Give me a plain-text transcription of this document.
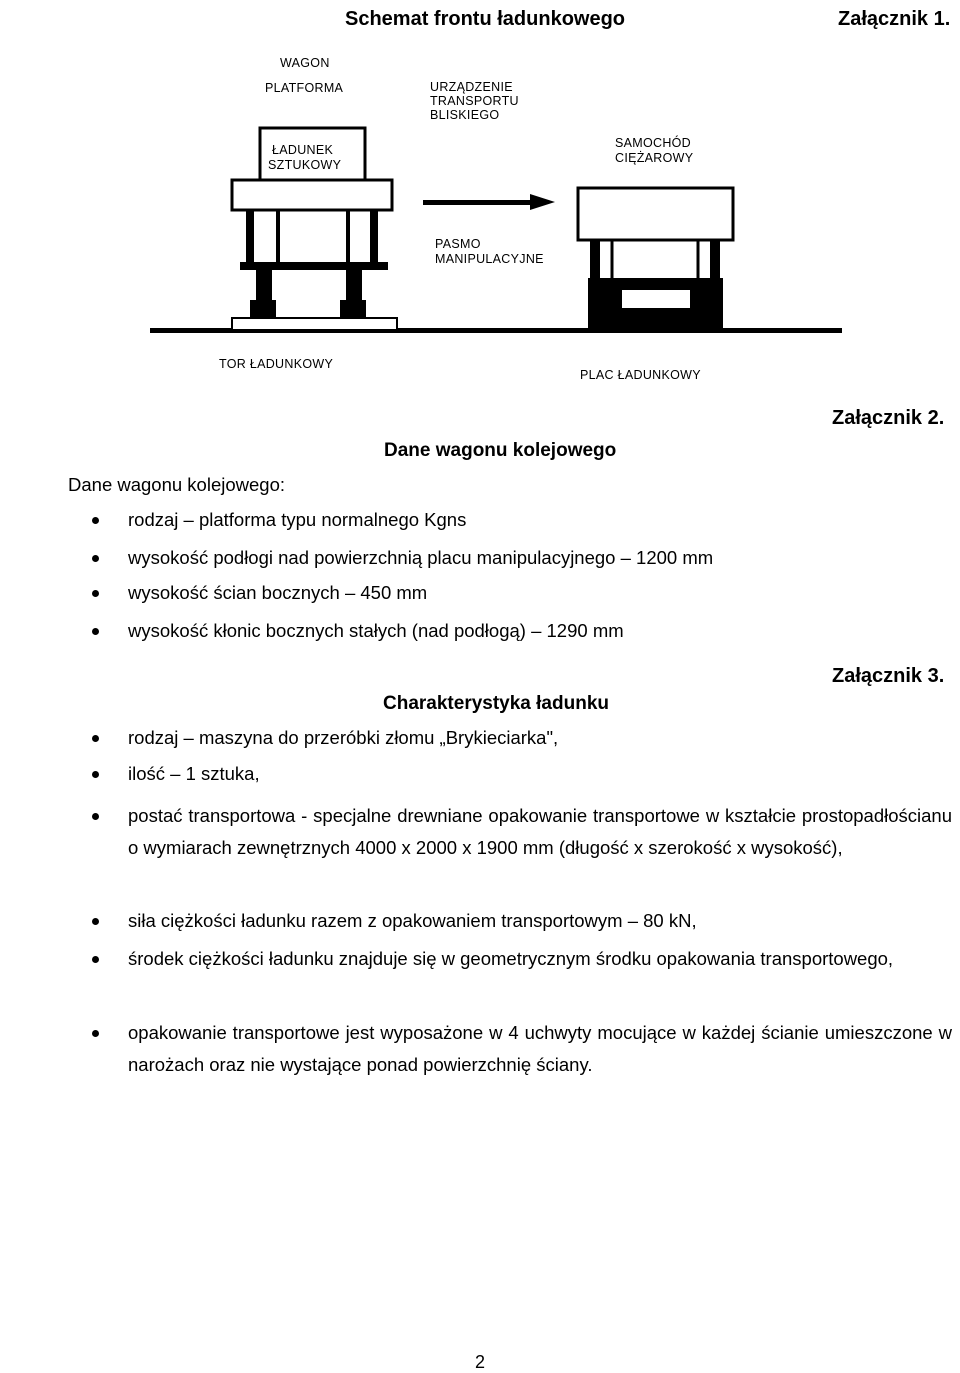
Schemat frontu ładunkowego	Załącznik 1.
WAGON
PLATFORMA	URZĄDZENIE
TRANSPORTU
BLISKIEGO
ŁADUNEK
SZTUKOWY
SAMOCHÓD
CIĘŻAROWY
PASMO
MANIPULACYJNE
TOR ŁADUNKOWY
PLAC ŁADUNKOWY
Załącznik 2.
Dane wagonu kolejowego
Dane wagonu kolejowego:
rodzaj – platforma typu normalnego Kgns
wysokość podłogi nad powierzchnią placu manipulacyjnego – 1200 mm
wysokość ścian bocznych – 450 mm
wysokość kłonic bocznych stałych (nad podłogą) – 1290 mm
Załącznik 3.
Charakterystyka ładunku
rodzaj – maszyna do przeróbki złomu „Brykieciarka",
ilość – 1 sztuka,
postać transportowa - specjalne drewniane opakowanie transportowe w kształcie prostopadłościanu o wymiarach zewnętrznych 4000 x 2000 x 1900 mm (długość x szerokość x wysokość),
siła ciężkości ładunku razem z opakowaniem transportowym – 80 kN,
środek ciężkości ładunku znajduje się w geometrycznym środku opakowania transportowego,
opakowanie transportowe jest wyposażone w 4 uchwyty mocujące w każdej ścianie umieszczone w narożach oraz nie wystające ponad powierzchnię ściany.
2
